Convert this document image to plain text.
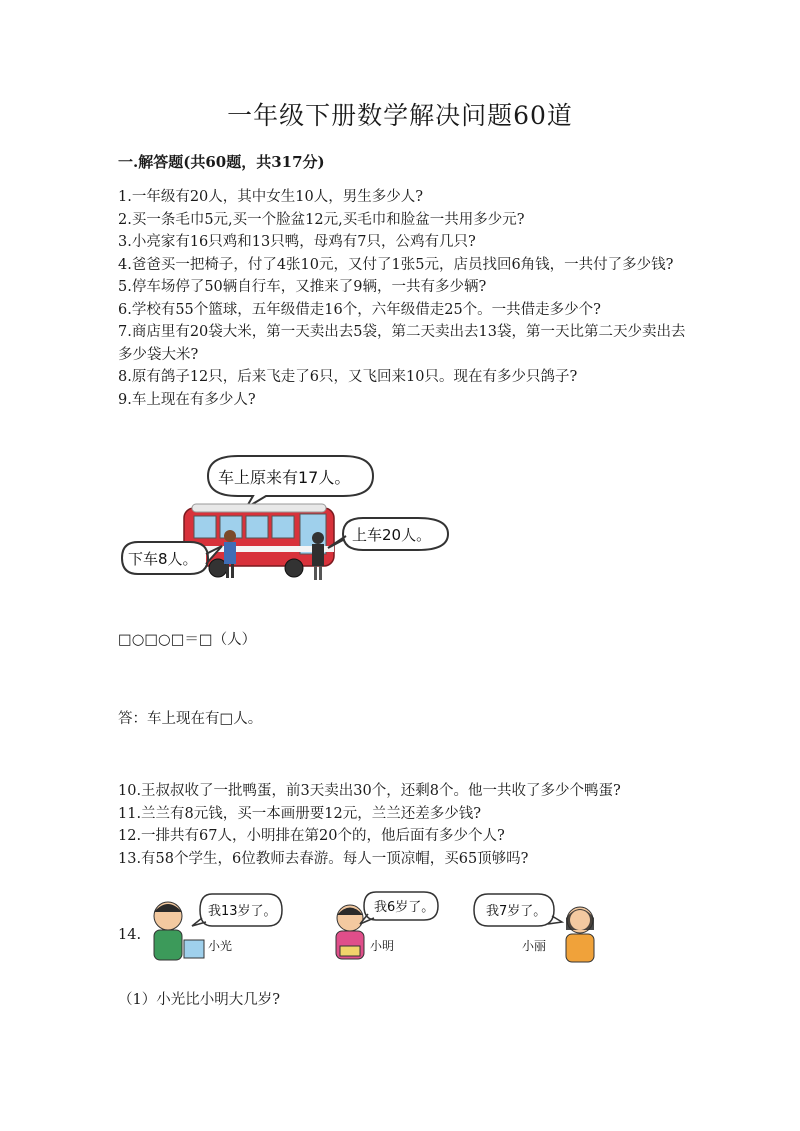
一年级下册数学解决问题60道
一.解答题(共60题，共317分)

1.一年级有20人，其中女生10人，男生多少人?

2.买一条毛巾5元,买一个脸盆12元,买毛巾和脸盆一共用多少元?

3.小亮家有16只鸡和13只鸭，母鸡有7只，公鸡有几只?

4.爸爸买一把椅子，付了4张10元，又付了1张5元，店员找回6角钱，一共付了多少钱?

5.停车场停了50辆自行车，又推来了9辆，一共有多少辆?

6.学校有55个篮球，五年级借走16个，六年级借走25个。一共借走多少个?

7.商店里有20袋大米，第一天卖出去5袋，第二天卖出去13袋，第一天比第二天少卖出去多少袋大米?

8.原有鸽子12只，后来飞走了6只，又飞回来10只。现在有多少只鸽子?

9.车上现在有多少人?

车上原来有17人。
上车20人。
下车8人。
□○□○□＝□（人）
答：车上现在有□人。

10.王叔叔收了一批鸭蛋，前3天卖出30个，还剩8个。他一共收了多少个鸭蛋?

11.兰兰有8元钱，买一本画册要12元，兰兰还差多少钱?

12.一排共有67人，小明排在第20个的，他后面有多少个人?

13.有58个学生，6位教师去春游。每人一顶凉帽，买65顶够吗?

14.
我13岁了。
小光
我6岁了。
小明
我7岁了。
小丽
（1）小光比小明大几岁?
